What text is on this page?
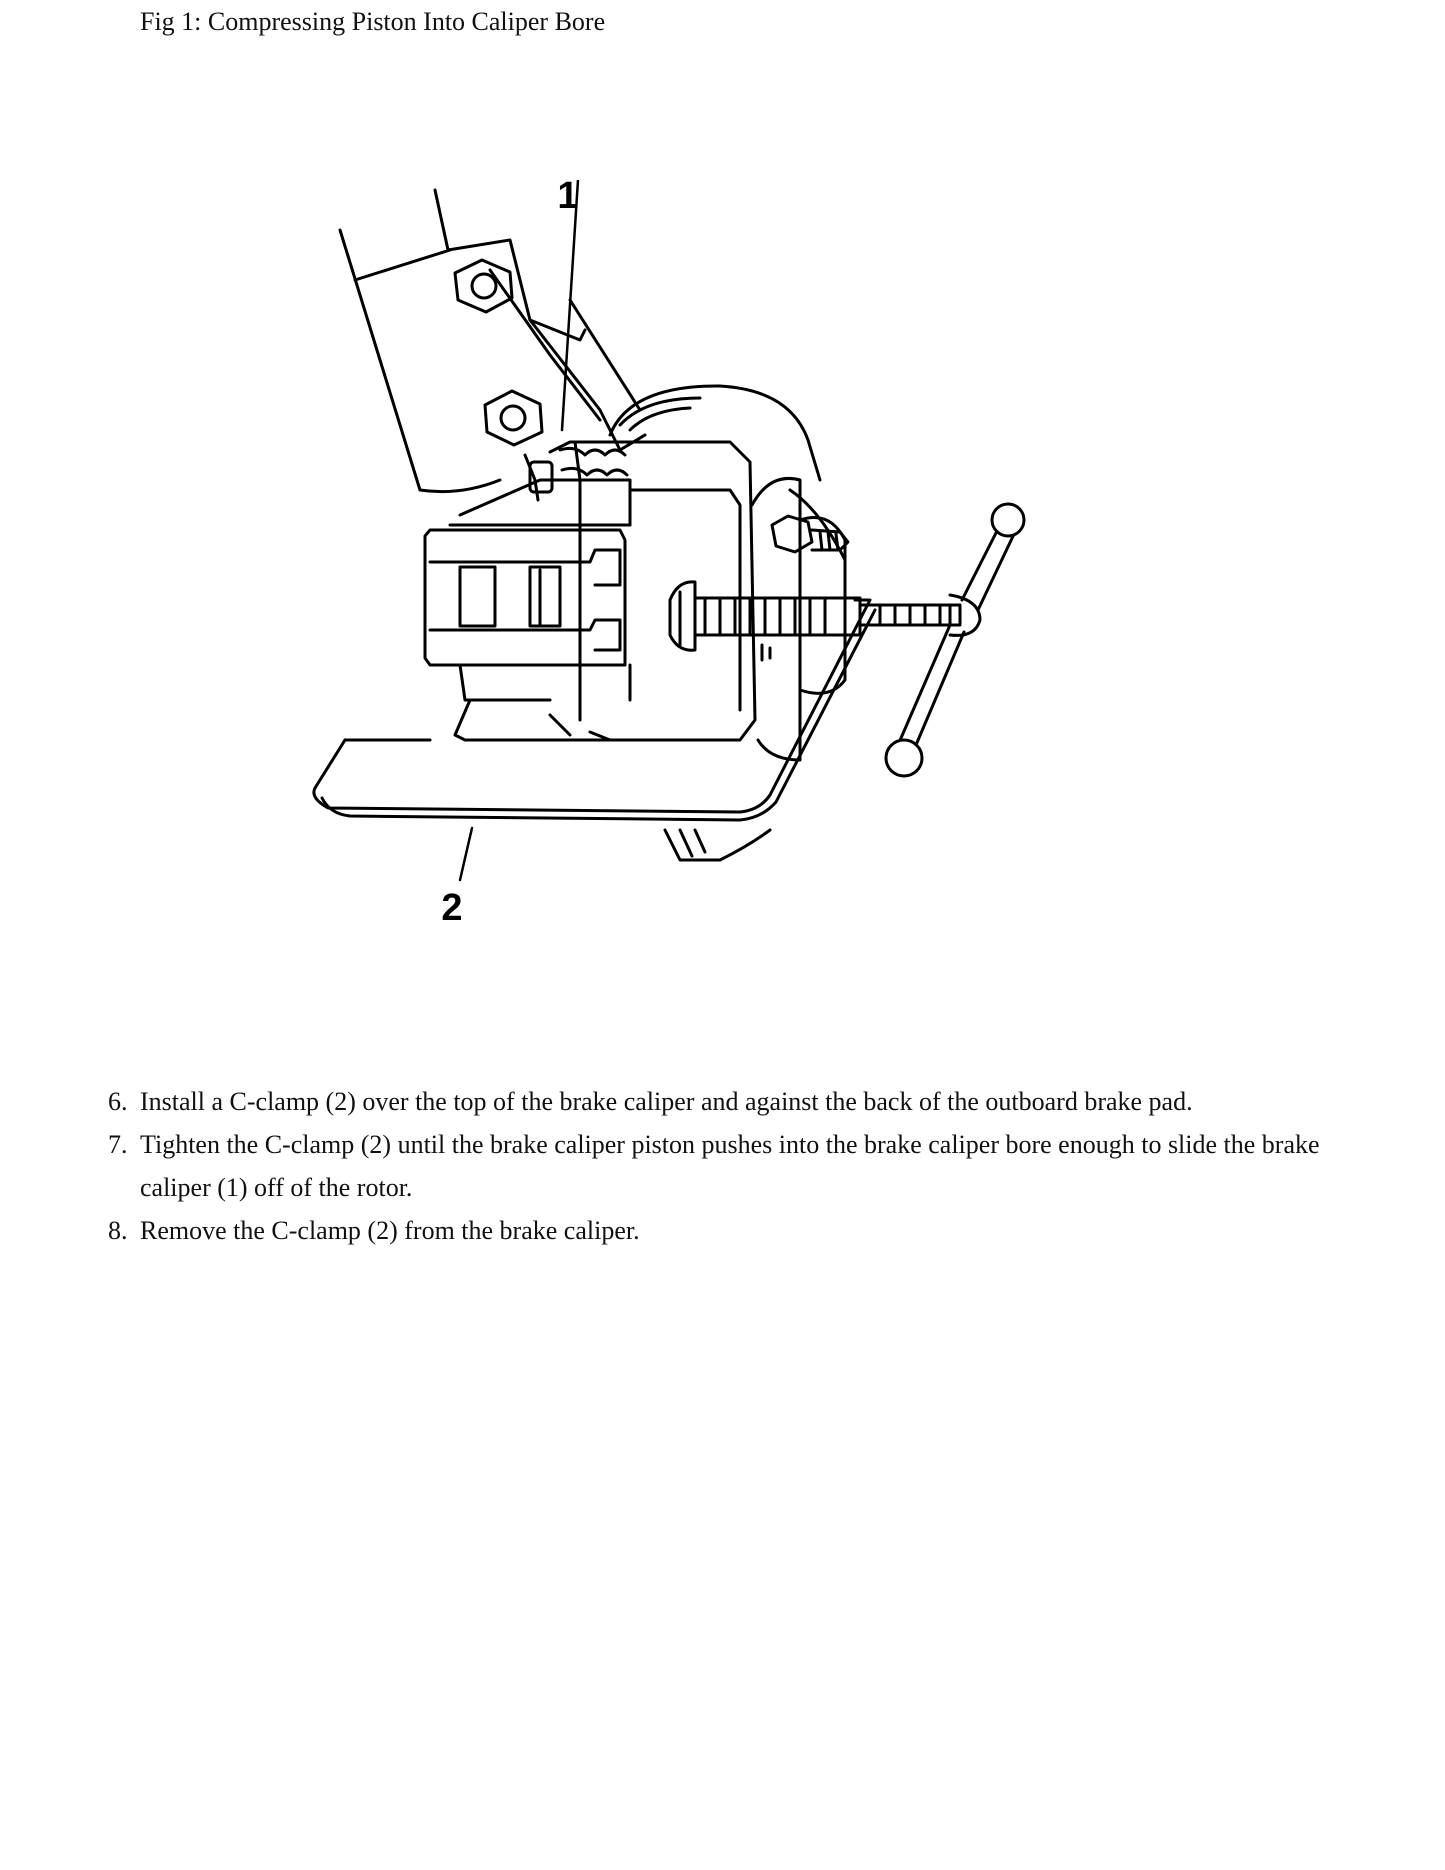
Fig 1: Compressing Piston Into Caliper Bore
1
2
6. Install a C-clamp (2) over the top of the brake caliper and against the back of the outboard brake pad.
7. Tighten the C-clamp (2) until the brake caliper piston pushes into the brake caliper bore enough to slide the brake caliper (1) off of the rotor.
8. Remove the C-clamp (2) from the brake caliper.
